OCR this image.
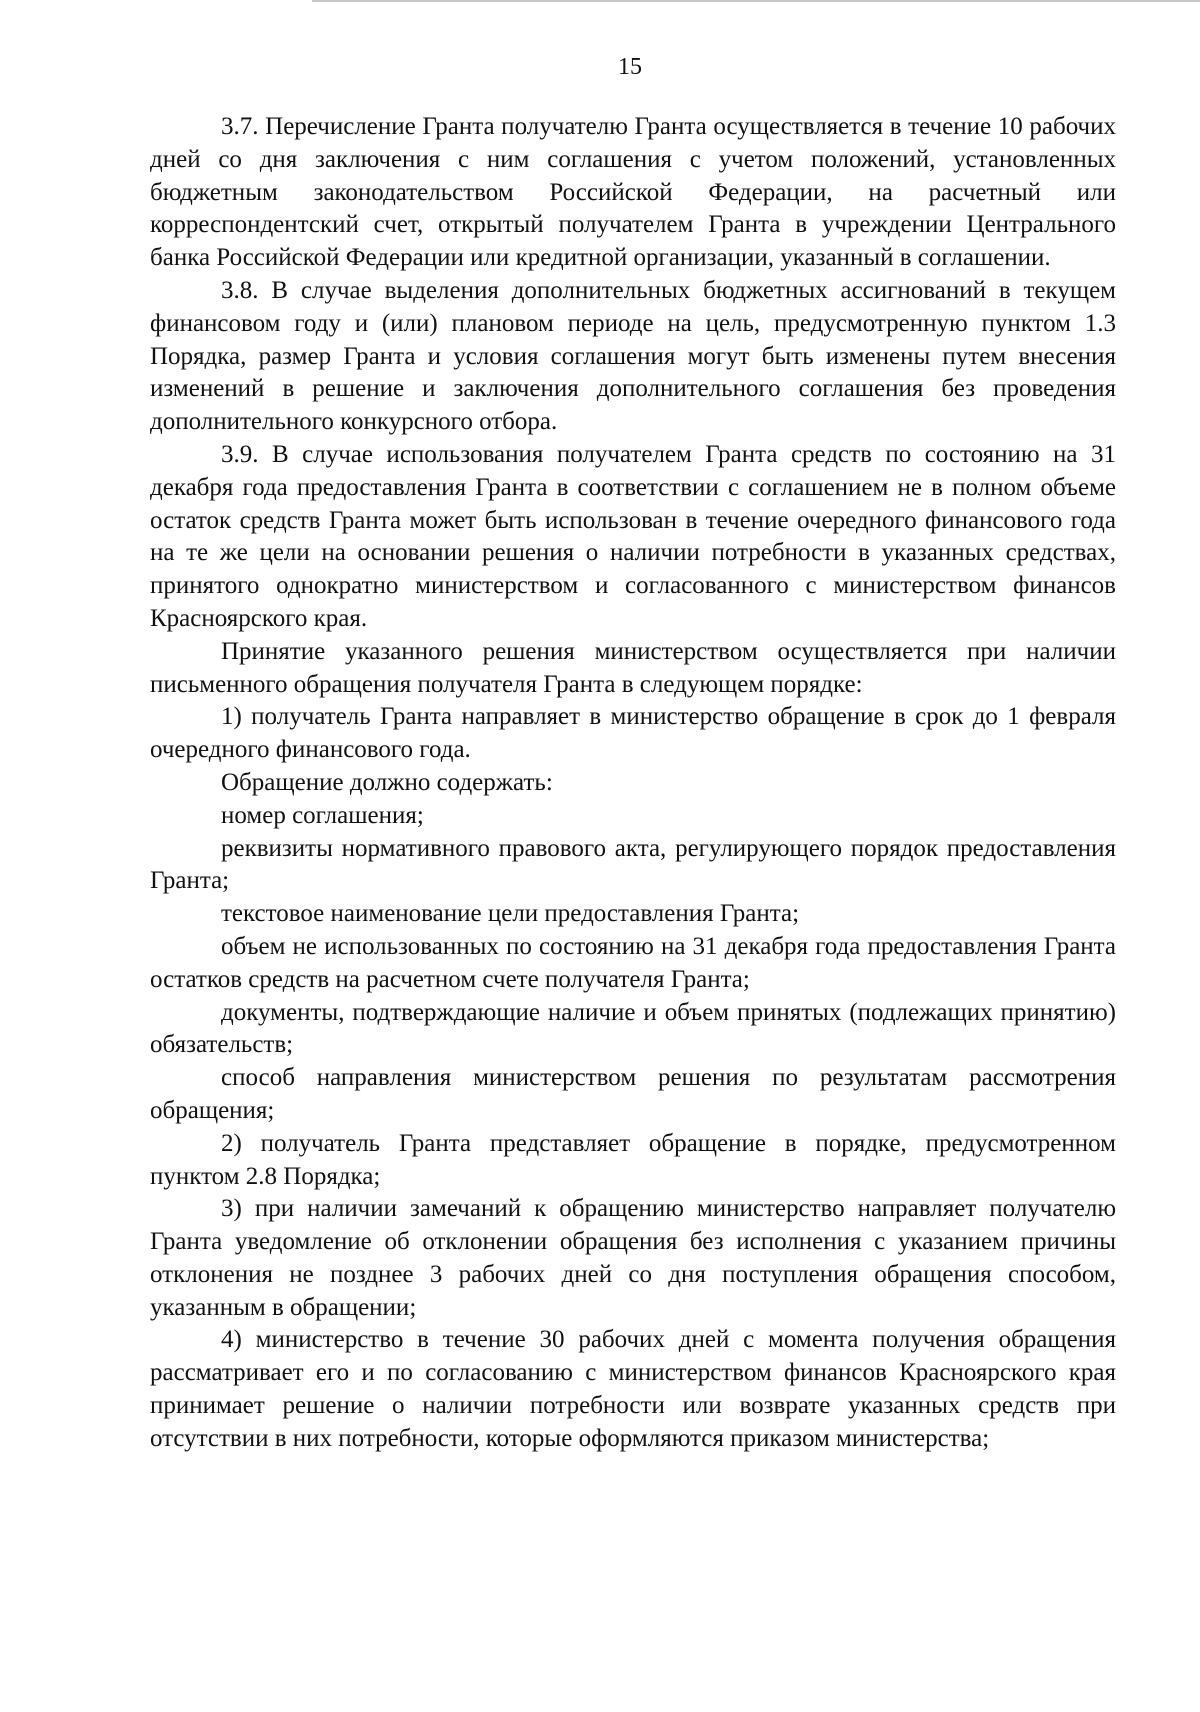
15

3.7. Перечисление Гранта получателю Гранта осуществляется в течение 10 рабочих дней со дня заключения с ним соглашения с учетом положений, установленных бюджетным законодательством Российской Федерации, на расчетный или корреспондентский счет, открытый получателем Гранта в учреждении Центрального банка Российской Федерации или кредитной организации, указанный в соглашении.

3.8. В случае выделения дополнительных бюджетных ассигнований в текущем финансовом году и (или) плановом периоде на цель, предусмотренную пунктом 1.3 Порядка, размер Гранта и условия соглашения могут быть изменены путем внесения изменений в решение и заключения дополнительного соглашения без проведения дополнительного конкурсного отбора.

3.9. В случае использования получателем Гранта средств по состоянию на 31 декабря года предоставления Гранта в соответствии с соглашением не в полном объеме остаток средств Гранта может быть использован в течение очередного финансового года на те же цели на основании решения о наличии потребности в указанных средствах, принятого однократно министерством и согласованного с министерством финансов Красноярского края.

Принятие указанного решения министерством осуществляется при наличии письменного обращения получателя Гранта в следующем порядке:

1) получатель Гранта направляет в министерство обращение в срок до 1 февраля очередного финансового года.

Обращение должно содержать:

номер соглашения;

реквизиты нормативного правового акта, регулирующего порядок предоставления Гранта;

текстовое наименование цели предоставления Гранта;

объем не использованных по состоянию на 31 декабря года предоставления Гранта остатков средств на расчетном счете получателя Гранта;

документы, подтверждающие наличие и объем принятых (подлежащих принятию) обязательств;

способ направления министерством решения по результатам рассмотрения обращения;

2) получатель Гранта представляет обращение в порядке, предусмотренном пунктом 2.8 Порядка;

3) при наличии замечаний к обращению министерство направляет получателю Гранта уведомление об отклонении обращения без исполнения с указанием причины отклонения не позднее 3 рабочих дней со дня поступления обращения способом, указанным в обращении;

4) министерство в течение 30 рабочих дней с момента получения обращения рассматривает его и по согласованию с министерством финансов Красноярского края принимает решение о наличии потребности или возврате указанных средств при отсутствии в них потребности, которые оформляются приказом министерства;
